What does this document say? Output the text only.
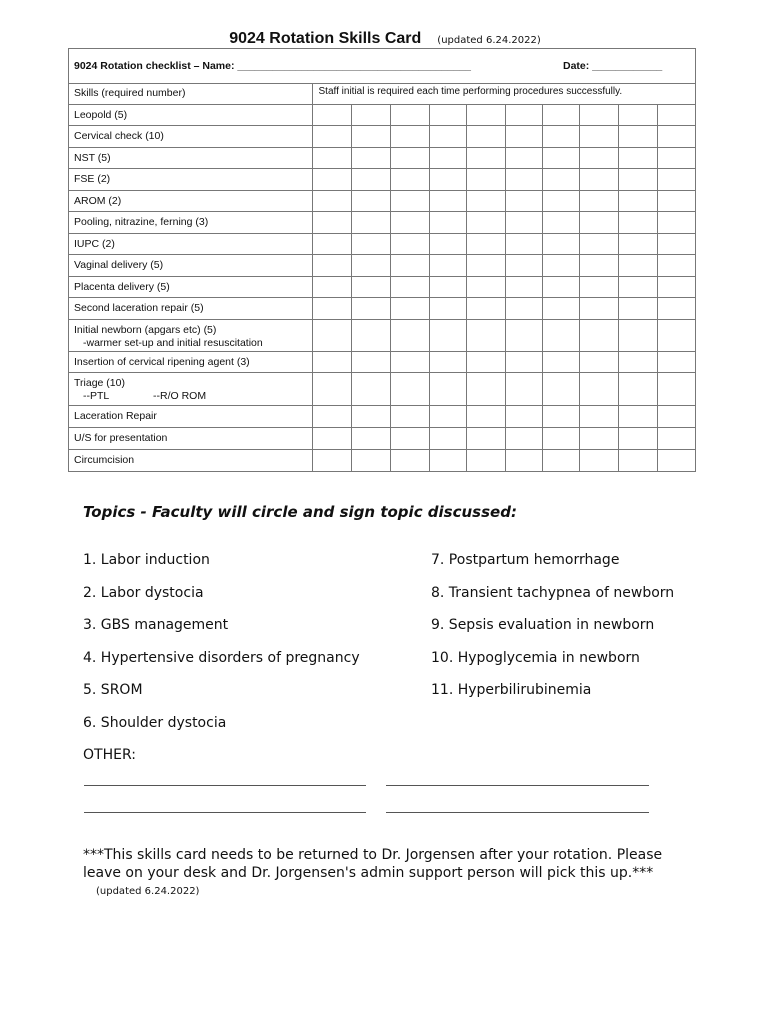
9024 Rotation Skills Card (updated 6.24.2022)
9024 Rotation checklist – Name: ________________________________________	Date: ____________
Skills (required number)	Staff initial is required each time performing procedures successfully.									

Leopold (5)										

Cervical check (10)										

NST (5)										

FSE (2)										

AROM (2)										

Pooling, nitrazine, ferning (3)										

IUPC (2)										

Vaginal delivery (5)										

Placenta delivery (5)										

Second laceration repair (5)										

Initial newborn (apgars etc) (5)
-warmer set-up and initial resuscitation										

Insertion of cervical ripening agent (3)										

Triage (10)
--PTL --R/O ROM										

Laceration Repair										

U/S for presentation										

Circumcision										

Topics - Faculty will circle and sign topic discussed:
1. Labor induction
2. Labor dystocia
3. GBS management
4. Hypertensive disorders of pregnancy
5. SROM
6. Shoulder dystocia
7. Postpartum hemorrhage
8. Transient tachypnea of newborn
9. Sepsis evaluation in newborn
10. Hypoglycemia in newborn
11. Hyperbilirubinemia
OTHER:
***This skills card needs to be returned to Dr. Jorgensen after your rotation. Please leave on your desk and Dr. Jorgensen's admin support person will pick this up.***
(updated 6.24.2022)
